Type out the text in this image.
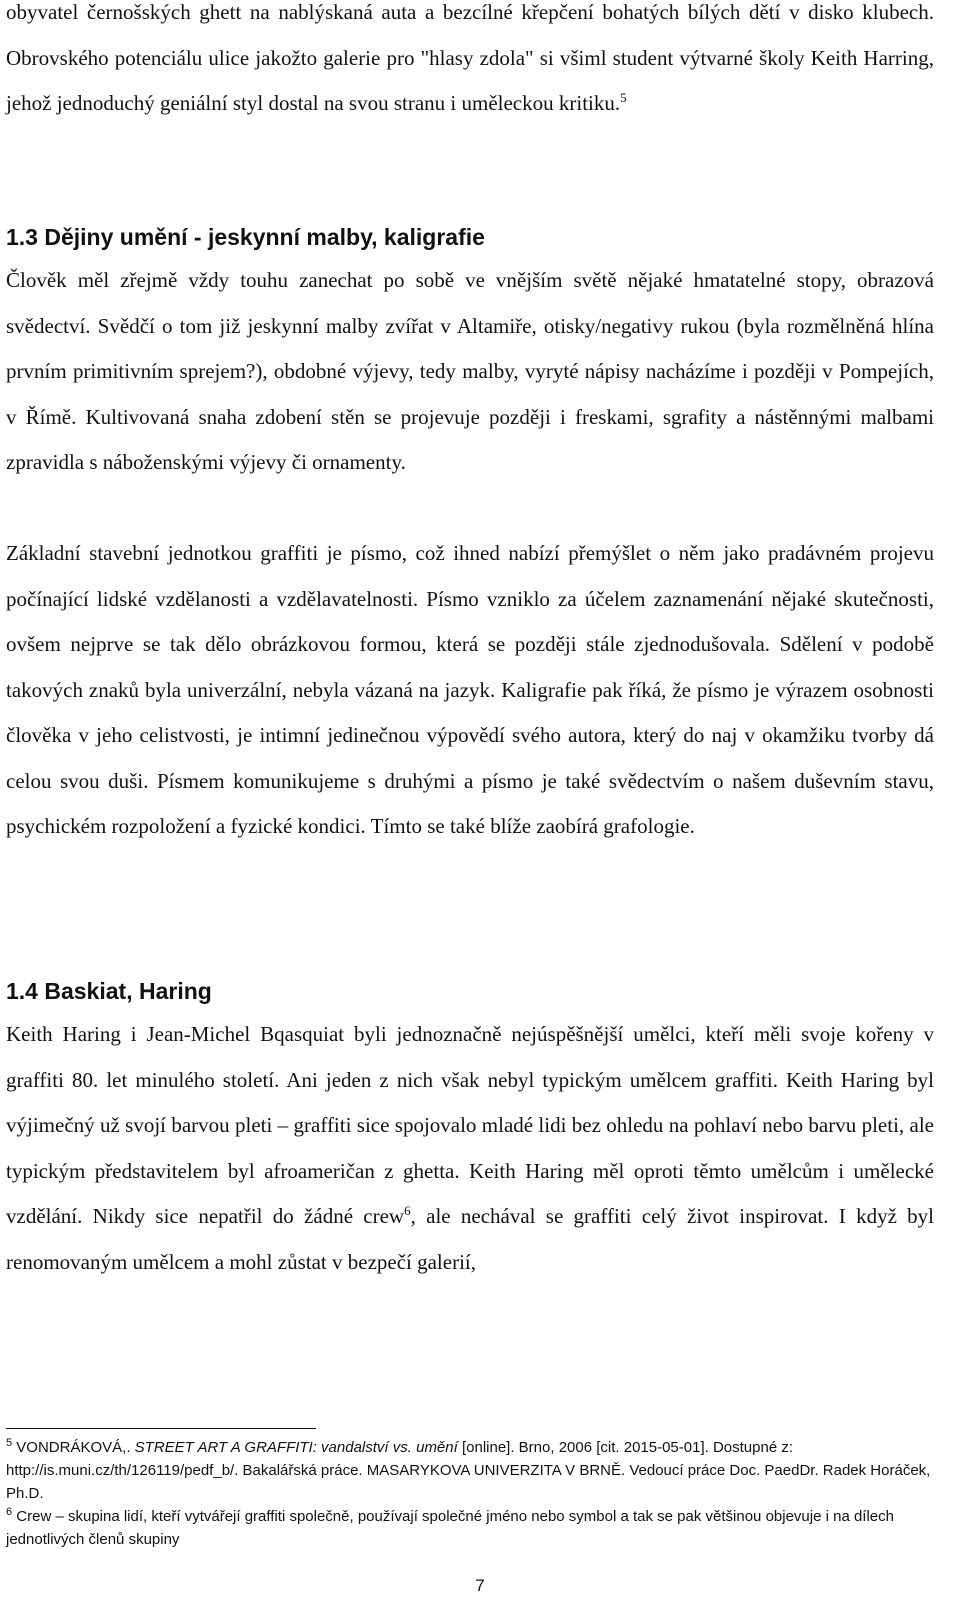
obyvatel černošských ghett na nablýskaná auta a bezcílné křepčení bohatých bílých dětí v disko klubech. Obrovského potenciálu ulice jakožto galerie pro "hlasy zdola" si všiml student výtvarné školy Keith Harring, jehož jednoduchý geniální styl dostal na svou stranu i uměleckou kritiku.$^5$

1.3 Dějiny umění - jeskynní malby, kaligrafie

Člověk měl zřejmě vždy touhu zanechat po sobě ve vnějším světě nějaké hmatatelné stopy, obrazová svědectví. Svědčí o tom již jeskynní malby zvířat v Altamiře, otisky/negativy rukou (byla rozmělněná hlína prvním primitivním sprejem?), obdobné výjevy, tedy malby, vyryté nápisy nacházíme i později v Pompejích, v Římě. Kultivovaná snaha zdobení stěn se projevuje později i freskami, sgrafity a nástěnnými malbami zpravidla s náboženskými výjevy či ornamenty.

Základní stavební jednotkou graffiti je písmo, což ihned nabízí přemýšlet o něm jako pradávném projevu počínající lidské vzdělanosti a vzdělavatelnosti. Písmo vzniklo za účelem zaznamenání nějaké skutečnosti, ovšem nejprve se tak dělo obrázkovou formou, která se později stále zjednodušovala. Sdělení v podobě takových znaků byla univerzální, nebyla vázaná na jazyk. Kaligrafie pak říká, že písmo je výrazem osobnosti člověka v jeho celistvosti, je intimní jedinečnou výpovědí svého autora, který do naj v okamžiku tvorby dá celou svou duši. Písmem komunikujeme s druhými a písmo je také svědectvím o našem duševním stavu, psychickém rozpoložení a fyzické kondici. Tímto se také blíže zaobírá grafologie.

1.4 Baskiat, Haring

Keith Haring i Jean-Michel Bqasquiat byli jednoznačně nejúspěšnější umělci, kteří měli svoje kořeny v graffiti 80. let minulého století. Ani jeden z nich však nebyl typickým umělcem graffiti. Keith Haring byl výjimečný už svojí barvou pleti – graffiti sice spojovalo mladé lidi bez ohledu na pohlaví nebo barvu pleti, ale typickým představitelem byl afroameričan z ghetta. Keith Haring měl oproti těmto umělcům i umělecké vzdělání. Nikdy sice nepatřil do žádné crew$^6$, ale nechával se graffiti celý život inspirovat. I když byl renomovaným umělcem a mohl zůstat v bezpečí galerií,

$^5$ VONDRÁKOVÁ,. STREET ART A GRAFFITI: vandalství vs. umění [online]. Brno, 2006 [cit. 2015-05-01]. Dostupné z: http://is.muni.cz/th/126119/pedf_b/. Bakalářská práce. MASARYKOVA UNIVERZITA V BRNĚ. Vedoucí práce Doc. PaedDr. Radek Horáček, Ph.D.

$^6$ Crew – skupina lidí, kteří vytvářejí graffiti společně, používají společné jméno nebo symbol a tak se pak většinou objevuje i na dílech jednotlivých členů skupiny

7
